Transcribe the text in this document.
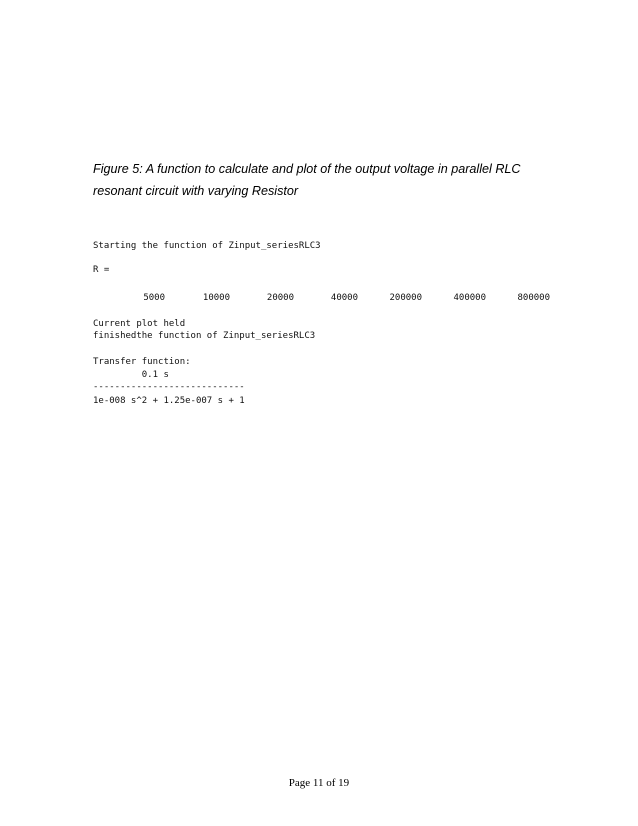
Figure 5: A function to calculate and plot of the output voltage in parallel RLC
resonant circuit with varying Resistor
Starting the function of Zinput_seriesRLC3
R =
5000	10000	20000	40000	200000	400000	800000
Current plot held
finishedthe function of Zinput_seriesRLC3
Transfer function:
0.1 s
----------------------------
1e-008 s^2 + 1.25e-007 s + 1
Page 11 of 19
